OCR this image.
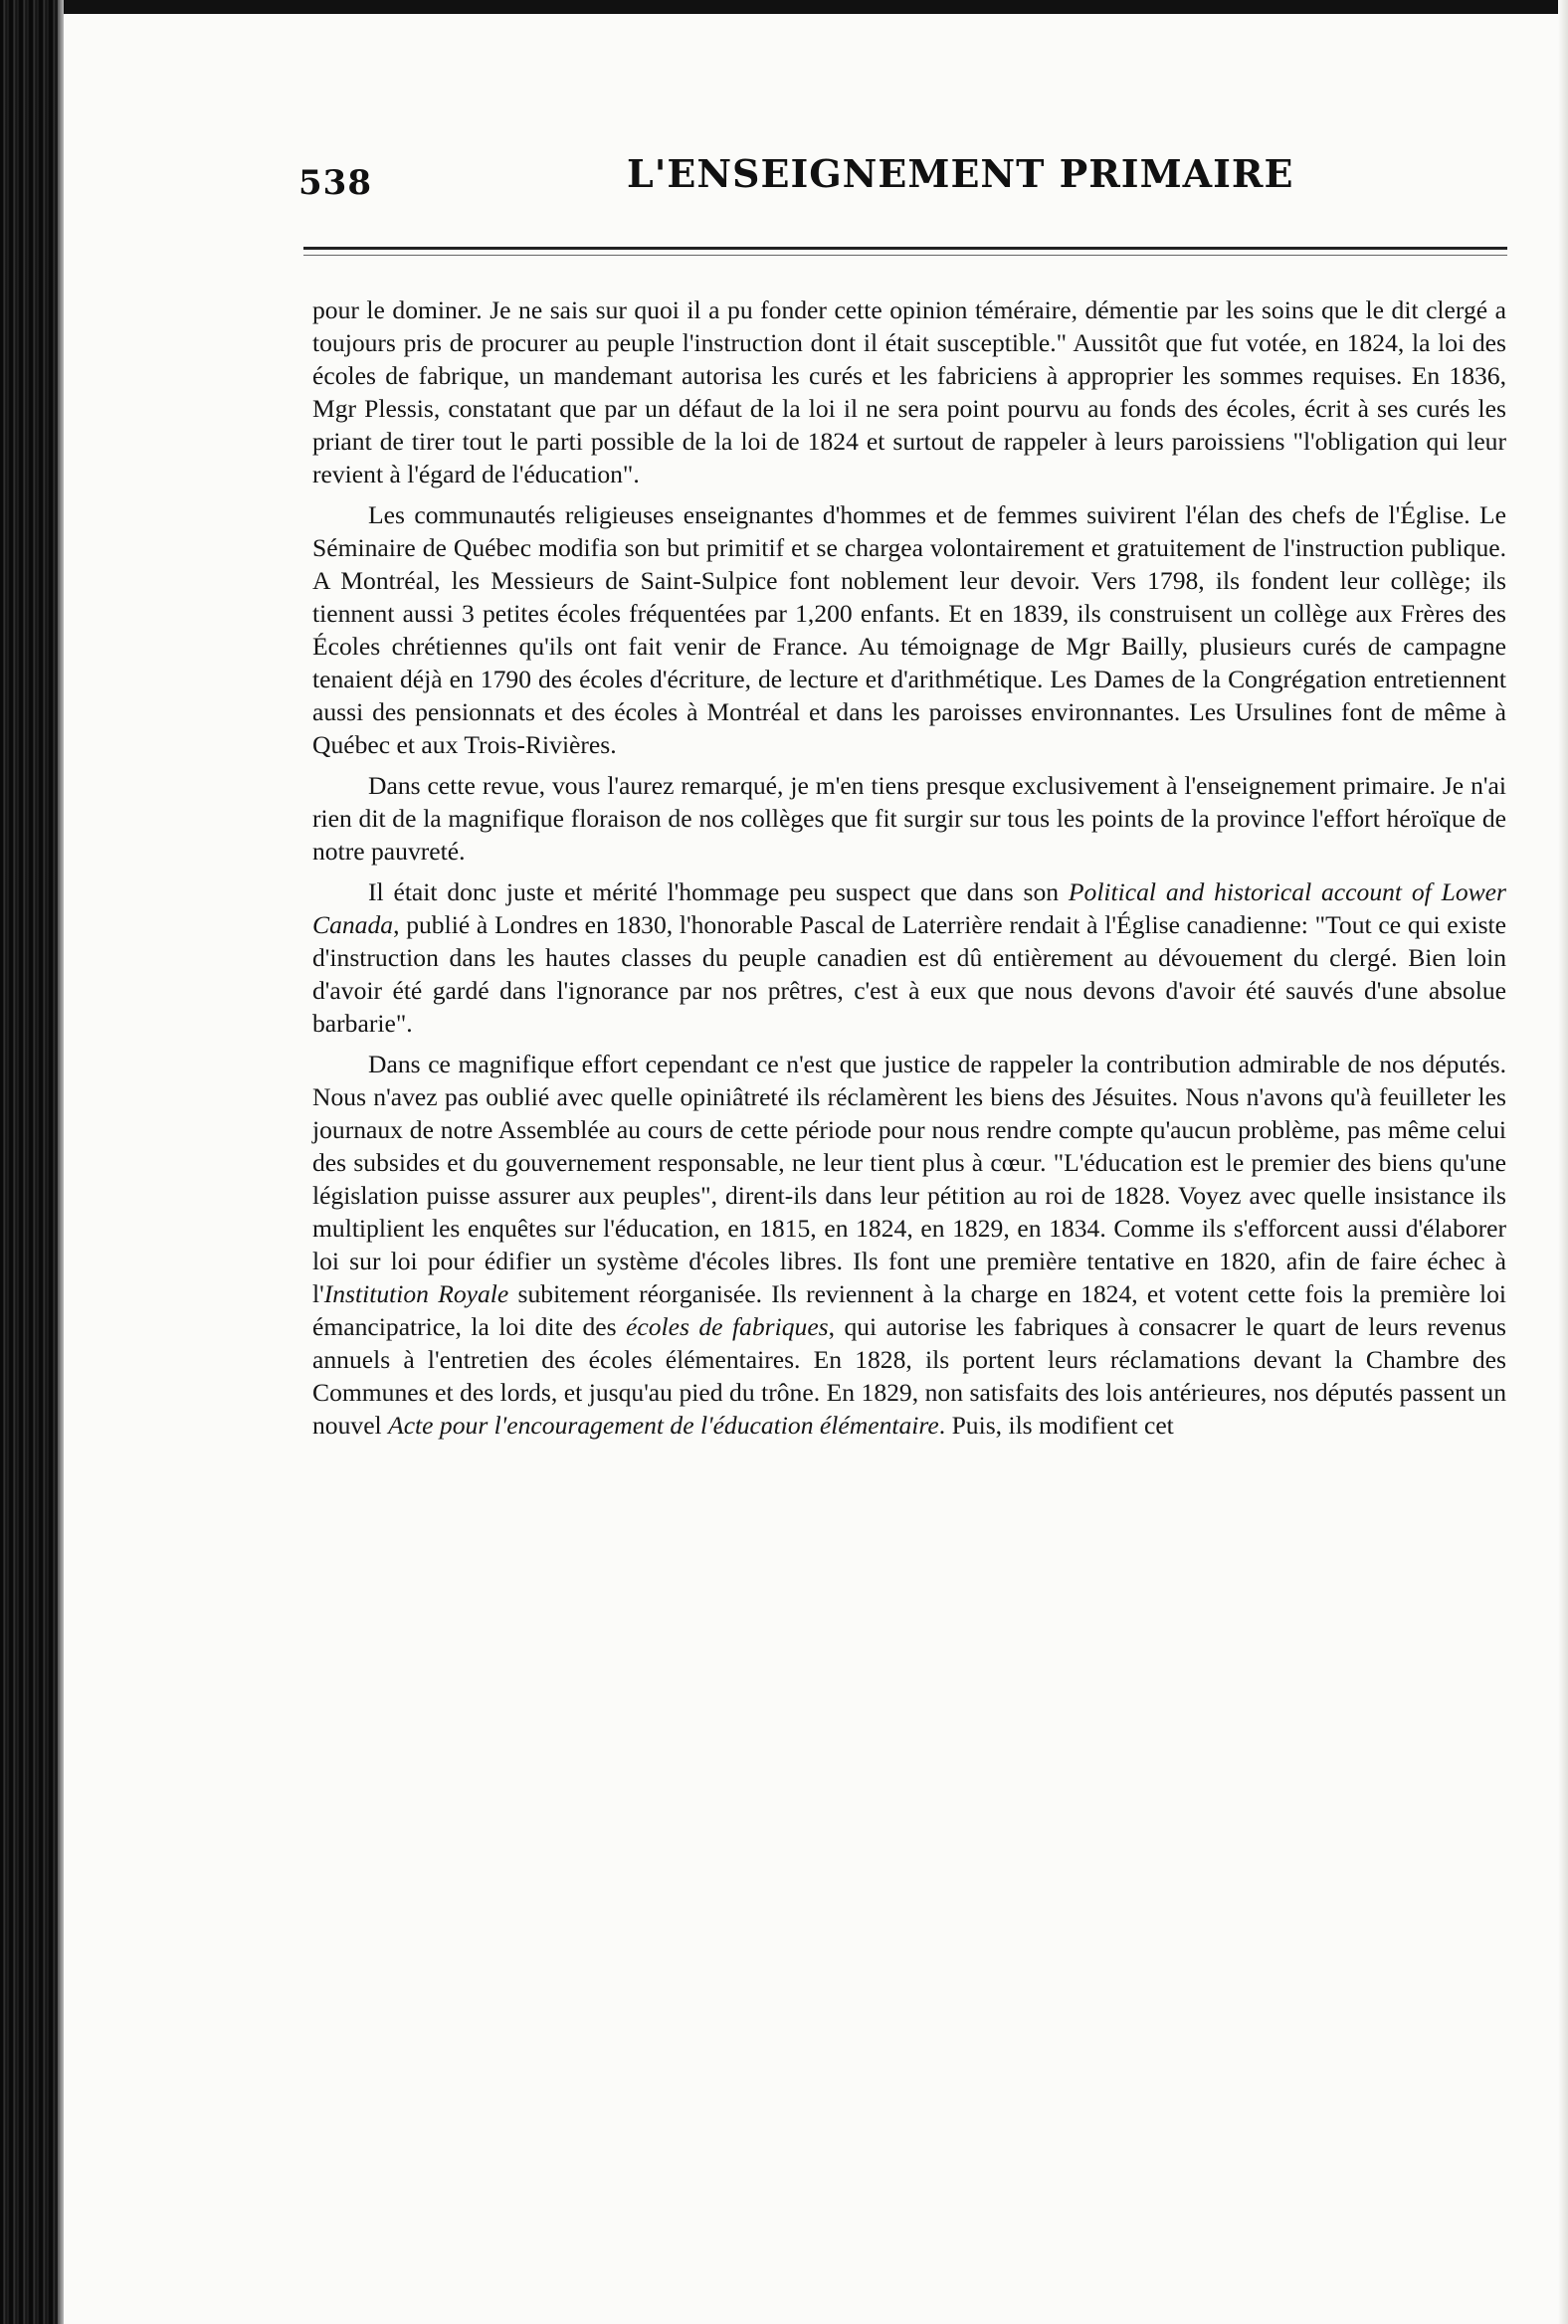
538	L'ENSEIGNEMENT PRIMAIRE

pour le dominer. Je ne sais sur quoi il a pu fonder cette opinion téméraire, démentie par les soins que le dit clergé a toujours pris de procurer au peuple l'instruction dont il était susceptible." Aussitôt que fut votée, en 1824, la loi des écoles de fabrique, un mandemant autorisa les curés et les fabriciens à approprier les sommes requises. En 1836, Mgr Plessis, constatant que par un défaut de la loi il ne sera point pourvu au fonds des écoles, écrit à ses curés les priant de tirer tout le parti possible de la loi de 1824 et surtout de rappeler à leurs paroissiens "l'obligation qui leur revient à l'égard de l'éducation".

Les communautés religieuses enseignantes d'hommes et de femmes suivirent l'élan des chefs de l'Église. Le Séminaire de Québec modifia son but primitif et se chargea volontairement et gratuitement de l'instruction publique. A Montréal, les Messieurs de Saint-Sulpice font noblement leur devoir. Vers 1798, ils fondent leur collège; ils tiennent aussi 3 petites écoles fréquentées par 1,200 enfants. Et en 1839, ils construisent un collège aux Frères des Écoles chrétiennes qu'ils ont fait venir de France. Au témoignage de Mgr Bailly, plusieurs curés de campagne tenaient déjà en 1790 des écoles d'écriture, de lecture et d'arithmétique. Les Dames de la Congrégation entretiennent aussi des pensionnats et des écoles à Montréal et dans les paroisses environnantes. Les Ursulines font de même à Québec et aux Trois-Rivières.

Dans cette revue, vous l'aurez remarqué, je m'en tiens presque exclusivement à l'enseignement primaire. Je n'ai rien dit de la magnifique floraison de nos collèges que fit surgir sur tous les points de la province l'effort héroïque de notre pauvreté.

Il était donc juste et mérité l'hommage peu suspect que dans son Political and historical account of Lower Canada, publié à Londres en 1830, l'honorable Pascal de Laterrière rendait à l'Église canadienne: "Tout ce qui existe d'instruction dans les hautes classes du peuple canadien est dû entièrement au dévouement du clergé. Bien loin d'avoir été gardé dans l'ignorance par nos prêtres, c'est à eux que nous devons d'avoir été sauvés d'une absolue barbarie".

Dans ce magnifique effort cependant ce n'est que justice de rappeler la contribution admirable de nos députés. Nous n'avez pas oublié avec quelle opiniâtreté ils réclamèrent les biens des Jésuites. Nous n'avons qu'à feuilleter les journaux de notre Assemblée au cours de cette période pour nous rendre compte qu'aucun problème, pas même celui des subsides et du gouvernement responsable, ne leur tient plus à cœur. "L'éducation est le premier des biens qu'une législation puisse assurer aux peuples", dirent-ils dans leur pétition au roi de 1828. Voyez avec quelle insistance ils multiplient les enquêtes sur l'éducation, en 1815, en 1824, en 1829, en 1834. Comme ils s'efforcent aussi d'élaborer loi sur loi pour édifier un système d'écoles libres. Ils font une première tentative en 1820, afin de faire échec à l'Institution Royale subitement réorganisée. Ils reviennent à la charge en 1824, et votent cette fois la première loi émancipatrice, la loi dite des écoles de fabriques, qui autorise les fabriques à consacrer le quart de leurs revenus annuels à l'entretien des écoles élémentaires. En 1828, ils portent leurs réclamations devant la Chambre des Communes et des lords, et jusqu'au pied du trône. En 1829, non satisfaits des lois antérieures, nos députés passent un nouvel Acte pour l'encouragement de l'éducation élémentaire. Puis, ils modifient cet
